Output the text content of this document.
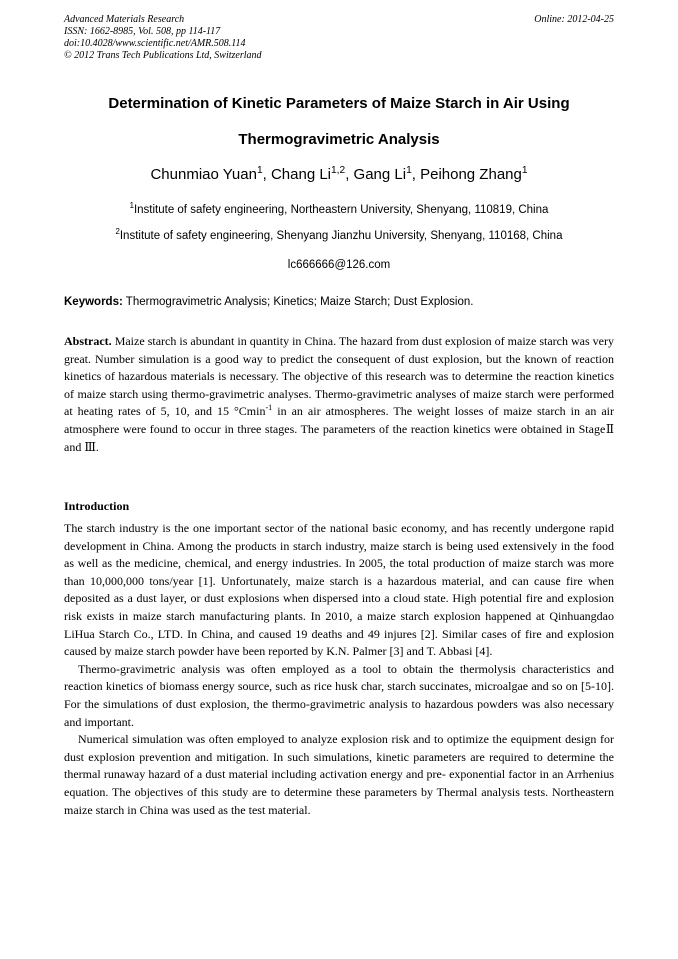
Advanced Materials Research
ISSN: 1662-8985, Vol. 508, pp 114-117
doi:10.4028/www.scientific.net/AMR.508.114
© 2012 Trans Tech Publications Ltd, Switzerland
Online: 2012-04-25
Determination of Kinetic Parameters of Maize Starch in Air Using
Thermogravimetric Analysis
Chunmiao Yuan$^1$, Chang Li$^{1,2}$, Gang Li$^1$, Peihong Zhang$^1$
$^1$Institute of safety engineering, Northeastern University, Shenyang, 110819, China
$^2$Institute of safety engineering, Shenyang Jianzhu University, Shenyang, 110168, China
lc666666@126.com
Keywords: Thermogravimetric Analysis; Kinetics; Maize Starch; Dust Explosion.
Abstract. Maize starch is abundant in quantity in China. The hazard from dust explosion of maize starch was very great. Number simulation is a good way to predict the consequent of dust explosion, but the known of reaction kinetics of hazardous materials is necessary. The objective of this research was to determine the reaction kinetics of maize starch using thermo-gravimetric analyses. Thermo-gravimetric analyses of maize starch were performed at heating rates of 5, 10, and 15 °Cmin$^{-1}$ in an air atmospheres. The weight losses of maize starch in an air atmosphere were found to occur in three stages. The parameters of the reaction kinetics were obtained in StageⅡ and Ⅲ.
Introduction

The starch industry is the one important sector of the national basic economy, and has recently undergone rapid development in China. Among the products in starch industry, maize starch is being used extensively in the food as well as the medicine, chemical, and energy industries. In 2005, the total production of maize starch was more than 10,000,000 tons/year [1]. Unfortunately, maize starch is a hazardous material, and can cause fire when deposited as a dust layer, or dust explosions when dispersed into a cloud state. High potential fire and explosion risk exists in maize starch manufacturing plants. In 2010, a maize starch explosion happened at Qinhuangdao LiHua Starch Co., LTD. In China, and caused 19 deaths and 49 injures [2]. Similar cases of fire and explosion caused by maize starch powder have been reported by K.N. Palmer [3] and T. Abbasi [4].

Thermo-gravimetric analysis was often employed as a tool to obtain the thermolysis characteristics and reaction kinetics of biomass energy source, such as rice husk char, starch succinates, microalgae and so on [5-10]. For the simulations of dust explosion, the thermo-gravimetric analysis to hazardous powders was also necessary and important.

Numerical simulation was often employed to analyze explosion risk and to optimize the equipment design for dust explosion prevention and mitigation. In such simulations, kinetic parameters are required to determine the thermal runaway hazard of a dust material including activation energy and pre- exponential factor in an Arrhenius equation. The objectives of this study are to determine these parameters by Thermal analysis tests. Northeastern maize starch in China was used as the test material.
